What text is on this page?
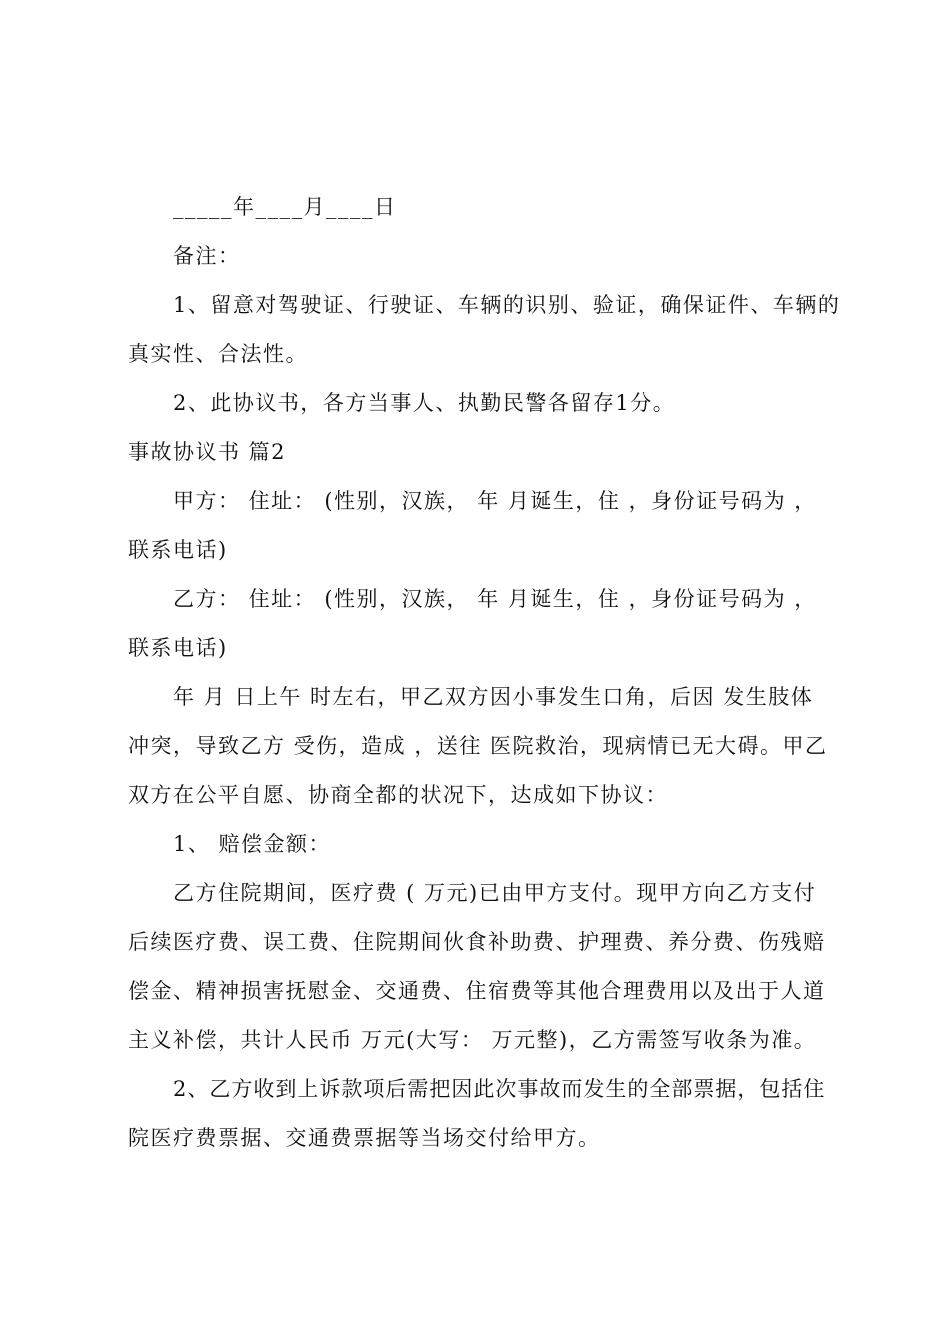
_____年____月____日
备注：
1、留意对驾驶证、行驶证、车辆的识别、验证，确保证件、车辆的
真实性、合法性。
2、此协议书，各方当事人、执勤民警各留存1分。
事故协议书 篇2
甲方： 住址： (性别，汉族， 年 月诞生，住 ，身份证号码为 ，
联系电话)
乙方： 住址： (性别，汉族， 年 月诞生，住 ，身份证号码为 ，
联系电话)
年 月 日上午 时左右，甲乙双方因小事发生口角，后因 发生肢体
冲突，导致乙方 受伤，造成 ，送往 医院救治，现病情已无大碍。甲乙
双方在公平自愿、协商全都的状况下，达成如下协议：
1、 赔偿金额：
乙方住院期间，医疗费 ( 万元)已由甲方支付。现甲方向乙方支付
后续医疗费、误工费、住院期间伙食补助费、护理费、养分费、伤残赔
偿金、精神损害抚慰金、交通费、住宿费等其他合理费用以及出于人道
主义补偿，共计人民币 万元(大写： 万元整)，乙方需签写收条为准。
2、乙方收到上诉款项后需把因此次事故而发生的全部票据，包括住
院医疗费票据、交通费票据等当场交付给甲方。
